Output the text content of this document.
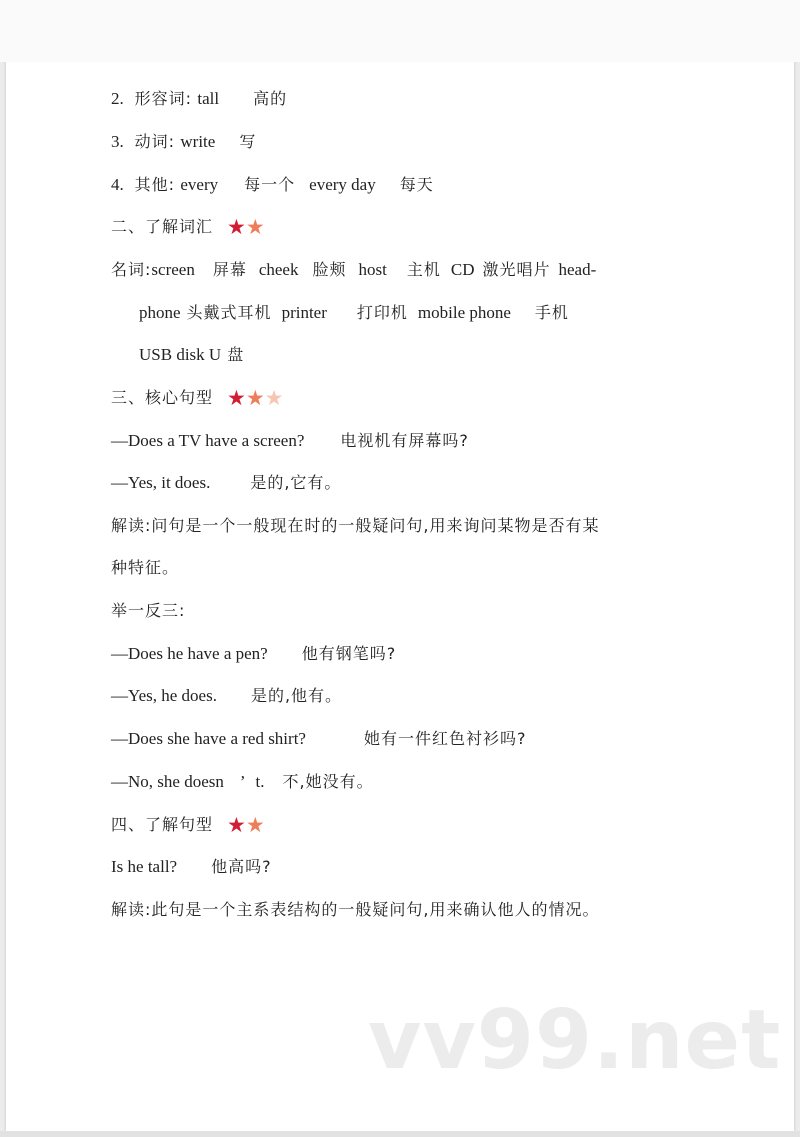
2. 形容词: tall 高的
3. 动词: write 写
4. 其他: every 每一个 every day 每天
二、了解词汇 ★★
名词:screen 屏幕 cheek 脸颊 host 主机 CD 激光唱片 head-
phone 头戴式耳机 printer 打印机 mobile phone 手机
USB disk U 盘
三、核心句型 ★★★
—Does a TV have a screen? 电视机有屏幕吗?
—Yes, it does.	是的,它有。
解读:问句是一个一般现在时的一般疑问句,用来询问某物是否有某
种特征。
举一反三:
—Does he have a pen? 他有钢笔吗?
—Yes, he does. 是的,他有。
—Does she have a red shirt?	她有一件红色衬衫吗?
—No, she doesn ’ t. 不,她没有。
四、了解句型 ★★
Is he tall? 他高吗?
解读:此句是一个主系表结构的一般疑问句,用来确认他人的情况。
vv99.net
